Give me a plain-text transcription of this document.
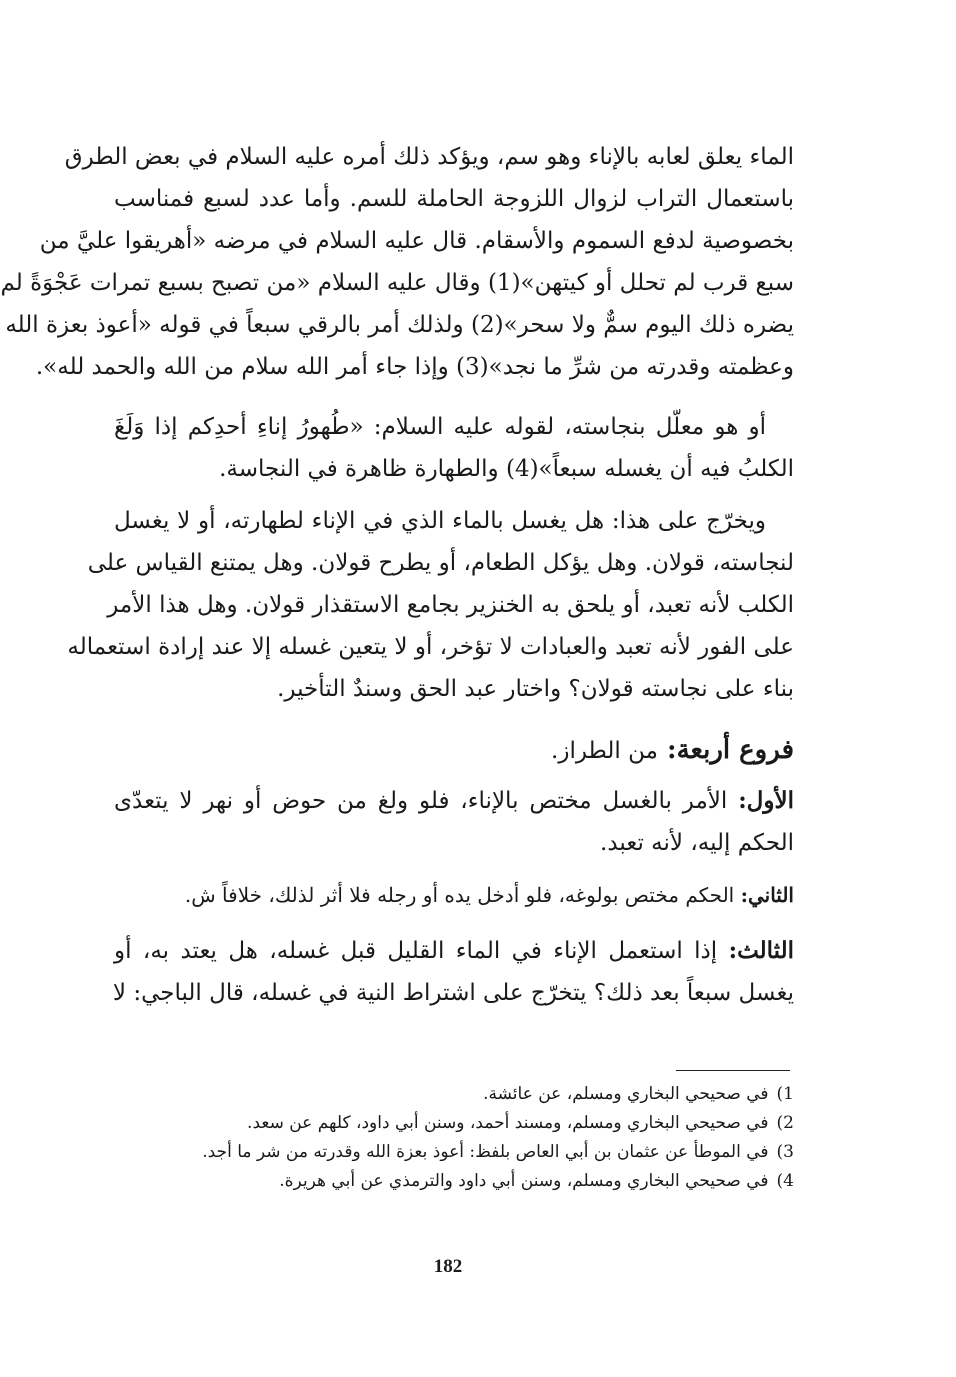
الماء يعلق لعابه بالإناء وهو سم، ويؤكد ذلك أمره عليه السلام في بعض الطرق
باستعمال التراب لزوال اللزوجة الحاملة للسم. وأما عدد لسبع فمناسب
بخصوصية لدفع السموم والأسقام. قال عليه السلام في مرضه «أهريقوا عليَّ من
سبع قرب لم تحلل أو كيتهن»(1) وقال عليه السلام «من تصبح بسبع تمرات عَجْوَةً لم
يضره ذلك اليوم سمٌّ ولا سحر»(2) ولذلك أمر بالرقي سبعاً في قوله «أعوذ بعزة الله
وعظمته وقدرته من شرِّ ما نجد»(3) وإذا جاء أمر الله سلام من الله والحمد لله».
أو هو معلّل بنجاسته، لقوله عليه السلام: «طُهورُ إناءِ أحدِكم إذا وَلَغَ
الكلبُ فيه أن يغسله سبعاً»(4) والطهارة ظاهرة في النجاسة.
ويخرّج على هذا: هل يغسل بالماء الذي في الإناء لطهارته، أو لا يغسل
لنجاسته، قولان. وهل يؤكل الطعام، أو يطرح قولان. وهل يمتنع القياس على
الكلب لأنه تعبد، أو يلحق به الخنزير بجامع الاستقذار قولان. وهل هذا الأمر
على الفور لأنه تعبد والعبادات لا تؤخر، أو لا يتعين غسله إلا عند إرادة استعماله
بناء على نجاسته قولان؟ واختار عبد الحق وسندٌ التأخير.
فروع أربعة: من الطراز.
الأول: الأمر بالغسل مختص بالإناء، فلو ولغ من حوض أو نهر لا يتعدّى
الحكم إليه، لأنه تعبد.
الثاني: الحكم مختص بولوغه، فلو أدخل يده أو رجله فلا أثر لذلك، خلافاً ش.
الثالث: إذا استعمل الإناء في الماء القليل قبل غسله، هل يعتد به، أو
يغسل سبعاً بعد ذلك؟ يتخرّج على اشتراط النية في غسله، قال الباجي: لا
1)في صحيحي البخاري ومسلم، عن عائشة.
2)في صحيحي البخاري ومسلم، ومسند أحمد، وسنن أبي داود، كلهم عن سعد.
3)في الموطأ عن عثمان بن أبي العاص بلفظ: أعوذ بعزة الله وقدرته من شر ما أجد.
4)في صحيحي البخاري ومسلم، وسنن أبي داود والترمذي عن أبي هريرة.
182
